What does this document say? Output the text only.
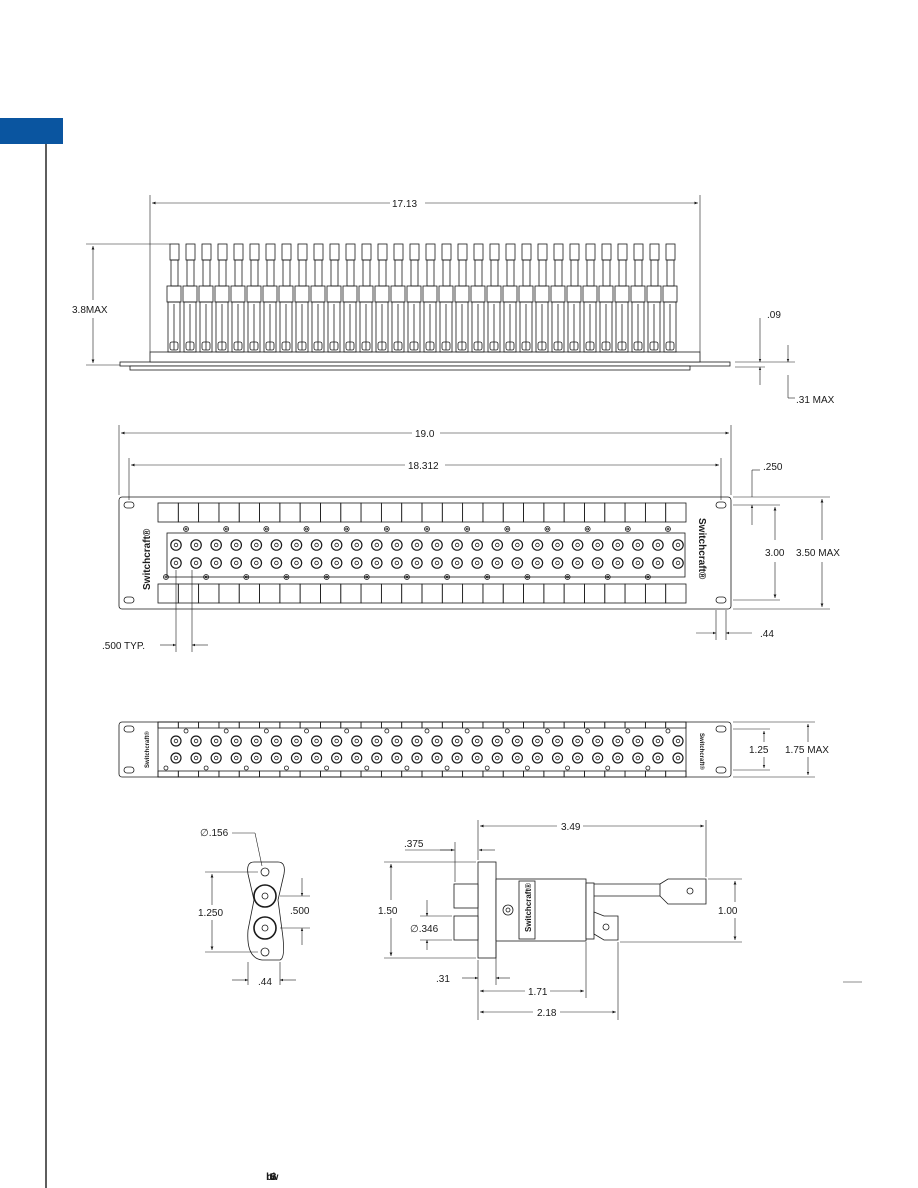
17.13
3.8MAX	.09
.31 MAX
Switchcraft®	Switchcraft®
19.0
18.312	.250
3.00 3.50 MAX
.44
.500 TYP.
Switchcraft®	Switchcraft®
1.25 1.75 MAX
∅.156
1.250	.500
.44
Switchcraft®
3.49
.375
1.50
∅.346
.31
1.71
2.18
1.00
